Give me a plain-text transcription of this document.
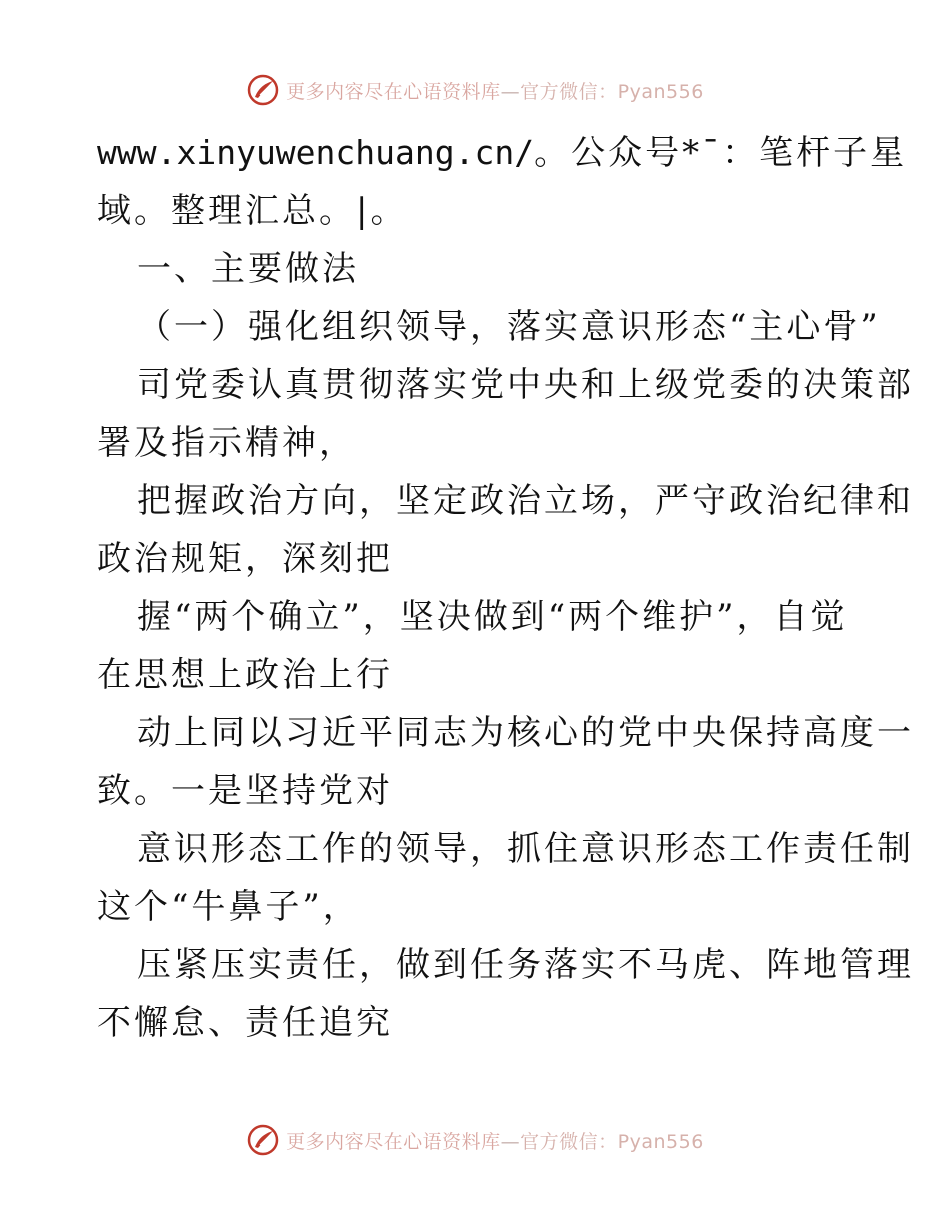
更多内容尽在心语资料库—官方微信：Pyan556
www.xinyuwenchuang.cn/。公众号*¯：笔杆子星
域。整理汇总。|。
一、主要做法
（一）强化组织领导，落实意识形态“主心骨”
司党委认真贯彻落实党中央和上级党委的决策部
署及指示精神，
把握政治方向，坚定政治立场，严守政治纪律和
政治规矩，深刻把
握“两个确立”，坚决做到“两个维护”，自觉
在思想上政治上行
动上同以习近平同志为核心的党中央保持高度一
致。一是坚持党对
意识形态工作的领导，抓住意识形态工作责任制
这个“牛鼻子”，
压紧压实责任，做到任务落实不马虎、阵地管理
不懈怠、责任追究
更多内容尽在心语资料库—官方微信：Pyan556
